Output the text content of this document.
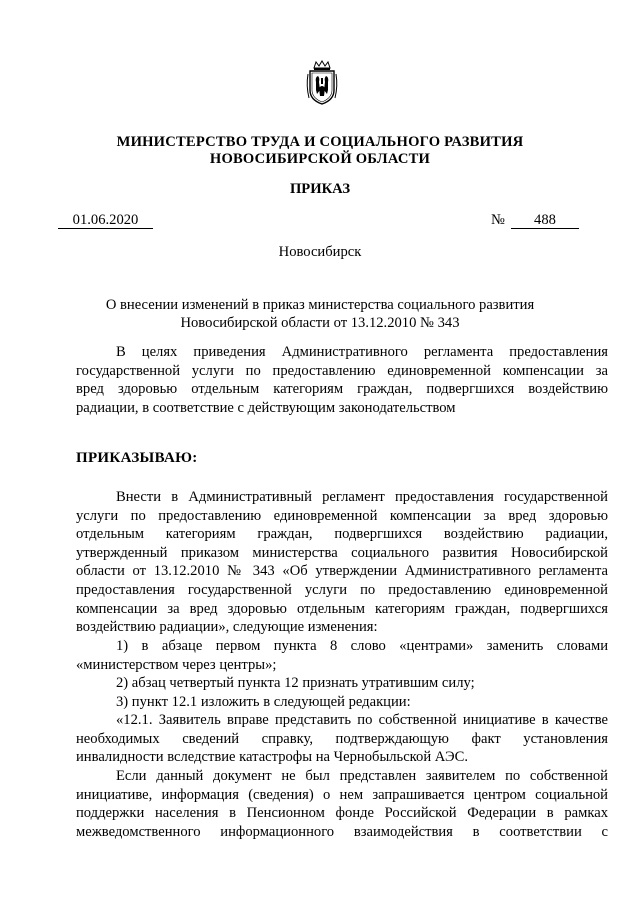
МИНИСТЕРСТВО ТРУДА И СОЦИАЛЬНОГО РАЗВИТИЯ
НОВОСИБИРСКОЙ ОБЛАСТИ
ПРИКАЗ
01.06.2020	№	488
Новосибирск
О внесении изменений в приказ министерства социального развития
Новосибирской области от 13.12.2010 № 343
В целях приведения Административного регламента предоставления
государственной услуги по предоставлению единовременной компенсации за
вред здоровью отдельным категориям граждан, подвергшихся воздействию
радиации, в соответствие с действующим законодательством
ПРИКАЗЫВАЮ:
Внести в Административный регламент предоставления государственной
услуги по предоставлению единовременной компенсации за вред здоровью
отдельным категориям граждан, подвергшихся воздействию радиации,
утвержденный приказом министерства социального развития Новосибирской
области от 13.12.2010 № 343 «Об утверждении Административного регламента
предоставления государственной услуги по предоставлению единовременной
компенсации за вред здоровью отдельным категориям граждан, подвергшихся
воздействию радиации», следующие изменения:
1) в абзаце первом пункта 8 слово «центрами» заменить словами
«министерством через центры»;
2) абзац четвертый пункта 12 признать утратившим силу;
3) пункт 12.1 изложить в следующей редакции:
«12.1. Заявитель вправе представить по собственной инициативе в качестве
необходимых сведений справку, подтверждающую факт установления
инвалидности вследствие катастрофы на Чернобыльской АЭС.
Если данный документ не был представлен заявителем по собственной
инициативе, информация (сведения) о нем запрашивается центром социальной
поддержки населения в Пенсионном фонде Российской Федерации в рамках
межведомственного информационного взаимодействия в соответствии с
